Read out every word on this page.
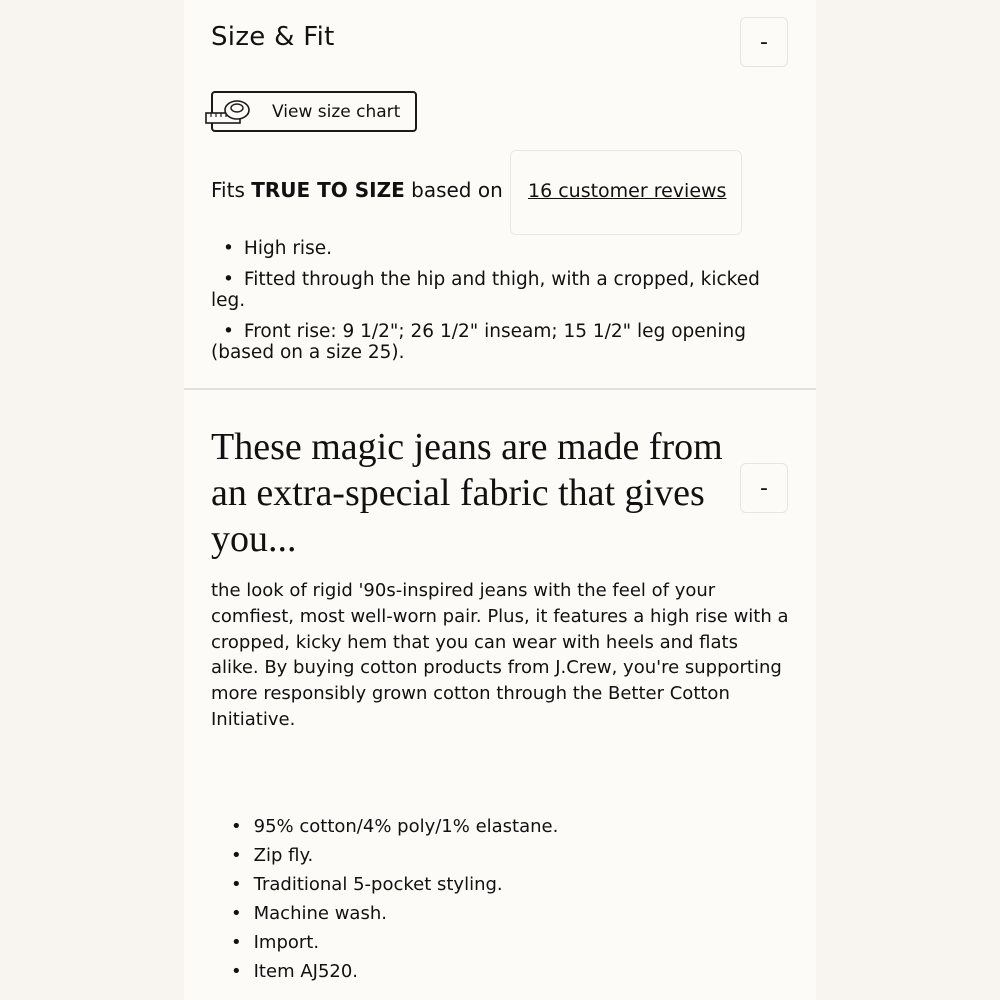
Size & Fit	-
View size chart
Fits TRUE TO SIZE based on 16 customer reviews
• High rise.
• Fitted through the hip and thigh, with a cropped, kicked leg.
• Front rise: 9 1/2"; 26 1/2" inseam; 15 1/2" leg opening (based on a size 25).
These magic jeans are made from an extra-special fabric that gives you...
-

the look of rigid '90s-inspired jeans with the feel of your comfiest, most well-worn pair. Plus, it features a high rise with a cropped, kicky hem that you can wear with heels and flats alike. By buying cotton products from J.Crew, you're supporting more responsibly grown cotton through the Better Cotton Initiative.

• 95% cotton/4% poly/1% elastane.
• Zip fly.
• Traditional 5-pocket styling.
• Machine wash.
• Import.
• Item AJ520.
